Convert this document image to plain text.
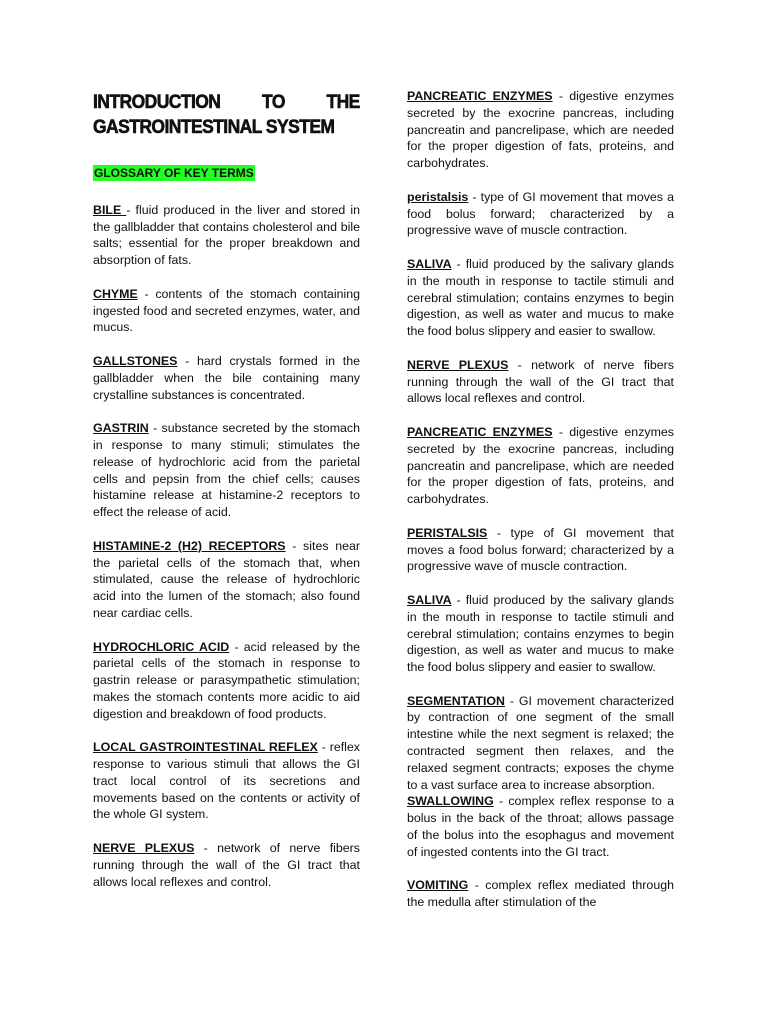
INTRODUCTION TO THE
GASTROINTESTINAL SYSTEM
GLOSSARY OF KEY TERMS

BILE - fluid produced in the liver and stored in the gallbladder that contains cholesterol and bile salts; essential for the proper breakdown and absorption of fats.

CHYME - contents of the stomach containing ingested food and secreted enzymes, water, and mucus.

GALLSTONES - hard crystals formed in the gallbladder when the bile containing many crystalline substances is concentrated.

GASTRIN - substance secreted by the stomach in response to many stimuli; stimulates the release of hydrochloric acid from the parietal cells and pepsin from the chief cells; causes histamine release at histamine-2 receptors to effect the release of acid.

HISTAMINE-2 (H2) RECEPTORS - sites near the parietal cells of the stomach that, when stimulated, cause the release of hydrochloric acid into the lumen of the stomach; also found near cardiac cells.

HYDROCHLORIC ACID - acid released by the parietal cells of the stomach in response to gastrin release or parasympathetic stimulation; makes the stomach contents more acidic to aid digestion and breakdown of food products.

LOCAL GASTROINTESTINAL REFLEX - reflex response to various stimuli that allows the GI tract local control of its secretions and movements based on the contents or activity of the whole GI system.

NERVE PLEXUS - network of nerve fibers running through the wall of the GI tract that allows local reflexes and control.

PANCREATIC ENZYMES - digestive enzymes secreted by the exocrine pancreas, including pancreatin and pancrelipase, which are needed for the proper digestion of fats, proteins, and carbohydrates.

peristalsis - type of GI movement that moves a food bolus forward; characterized by a progressive wave of muscle contraction.

SALIVA - fluid produced by the salivary glands in the mouth in response to tactile stimuli and cerebral stimulation; contains enzymes to begin digestion, as well as water and mucus to make the food bolus slippery and easier to swallow.

NERVE PLEXUS - network of nerve fibers running through the wall of the GI tract that allows local reflexes and control.

PANCREATIC ENZYMES - digestive enzymes secreted by the exocrine pancreas, including pancreatin and pancrelipase, which are needed for the proper digestion of fats, proteins, and carbohydrates.

PERISTALSIS - type of GI movement that moves a food bolus forward; characterized by a progressive wave of muscle contraction.

SALIVA - fluid produced by the salivary glands in the mouth in response to tactile stimuli and cerebral stimulation; contains enzymes to begin digestion, as well as water and mucus to make the food bolus slippery and easier to swallow.

SEGMENTATION - GI movement characterized by contraction of one segment of the small intestine while the next segment is relaxed; the contracted segment then relaxes, and the relaxed segment contracts; exposes the chyme to a vast surface area to increase absorption.

SWALLOWING - complex reflex response to a bolus in the back of the throat; allows passage of the bolus into the esophagus and movement of ingested contents into the GI tract.

VOMITING - complex reflex mediated through the medulla after stimulation of the
